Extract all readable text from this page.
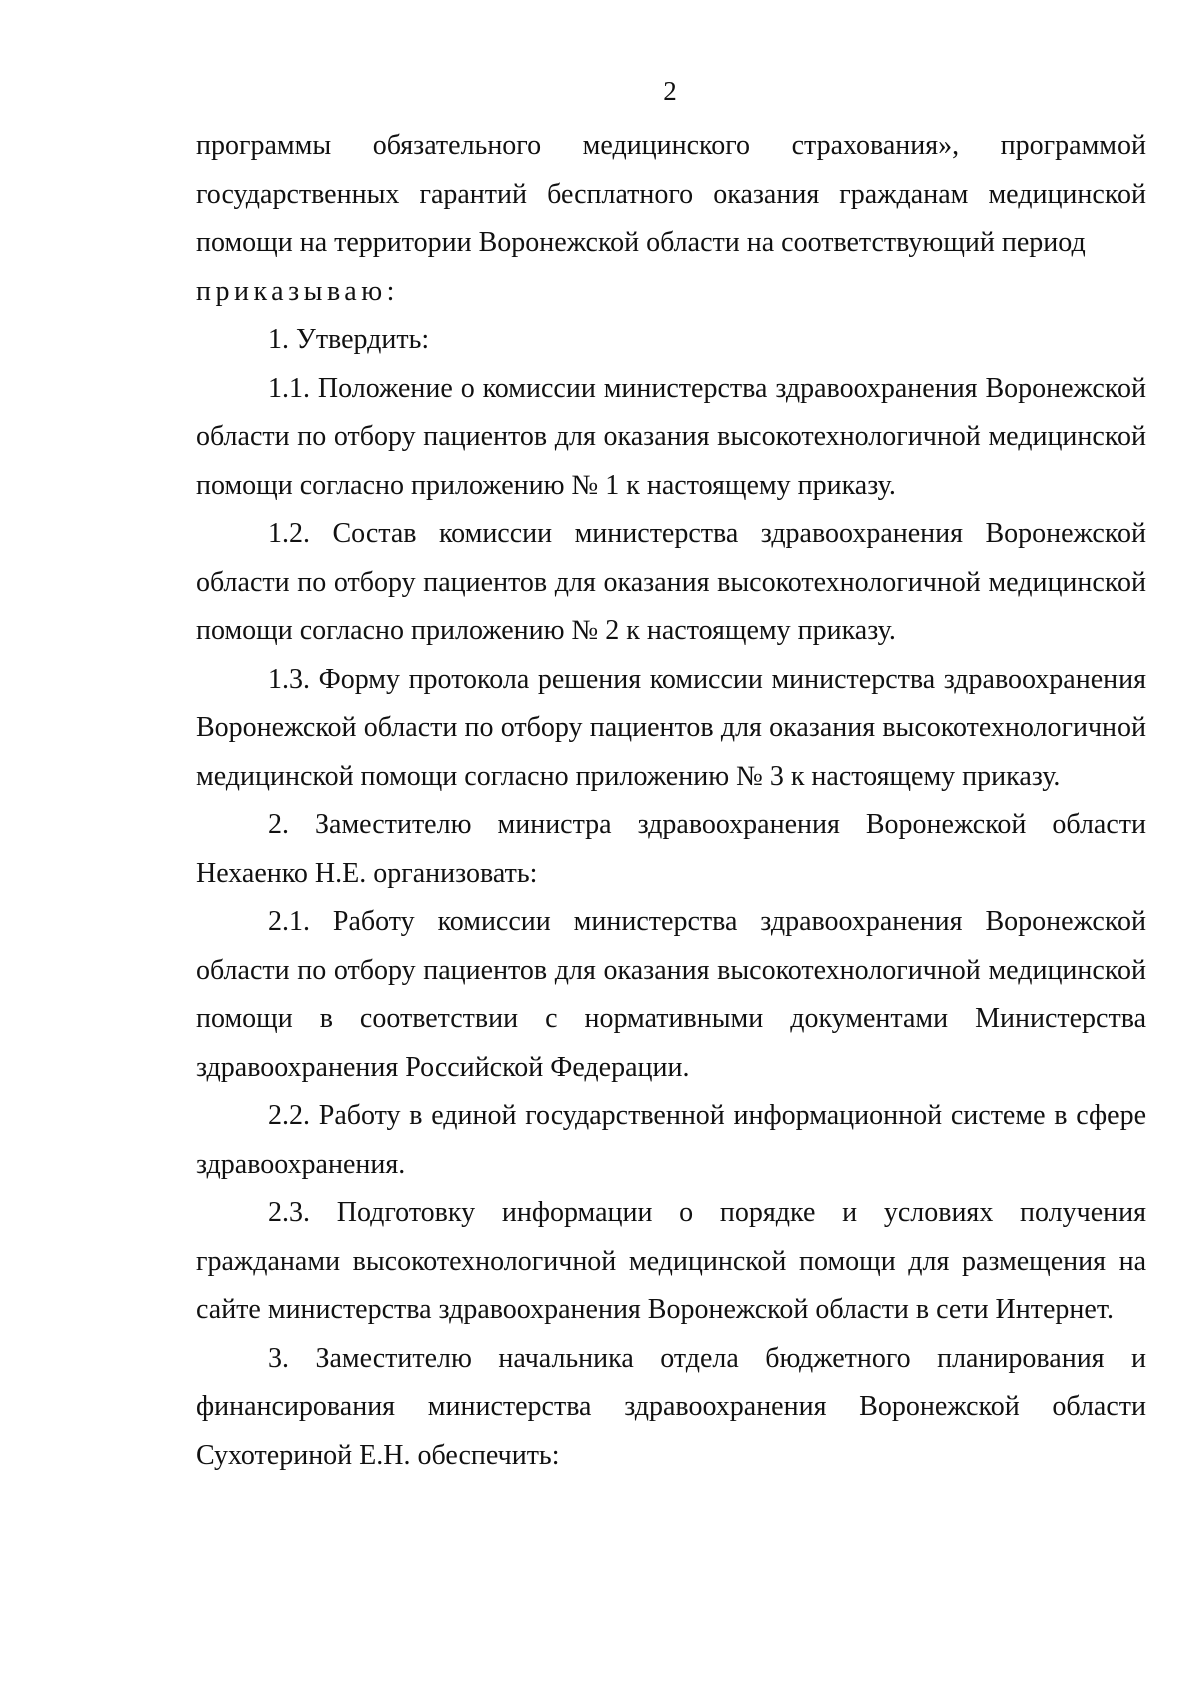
2

программы обязательного медицинского страхования», программой государственных гарантий бесплатного оказания гражданам медицинской помощи на территории Воронежской области на соответствующий период

приказываю:

1. Утвердить:

1.1. Положение о комиссии министерства здравоохранения Воронежской области по отбору пациентов для оказания высокотехнологичной медицинской помощи согласно приложению № 1 к настоящему приказу.

1.2. Состав комиссии министерства здравоохранения Воронежской области по отбору пациентов для оказания высокотехнологичной медицинской помощи согласно приложению № 2 к настоящему приказу.

1.3. Форму протокола решения комиссии министерства здравоохранения Воронежской области по отбору пациентов для оказания высокотехнологичной медицинской помощи согласно приложению № 3 к настоящему приказу.

2. Заместителю министра здравоохранения Воронежской области Нехаенко Н.Е. организовать:

2.1. Работу комиссии министерства здравоохранения Воронежской области по отбору пациентов для оказания высокотехнологичной медицинской помощи в соответствии с нормативными документами Министерства здравоохранения Российской Федерации.

2.2. Работу в единой государственной информационной системе в сфере здравоохранения.

2.3. Подготовку информации о порядке и условиях получения гражданами высокотехнологичной медицинской помощи для размещения на сайте министерства здравоохранения Воронежской области в сети Интернет.

3. Заместителю начальника отдела бюджетного планирования и финансирования министерства здравоохранения Воронежской области Сухотериной Е.Н. обеспечить:
